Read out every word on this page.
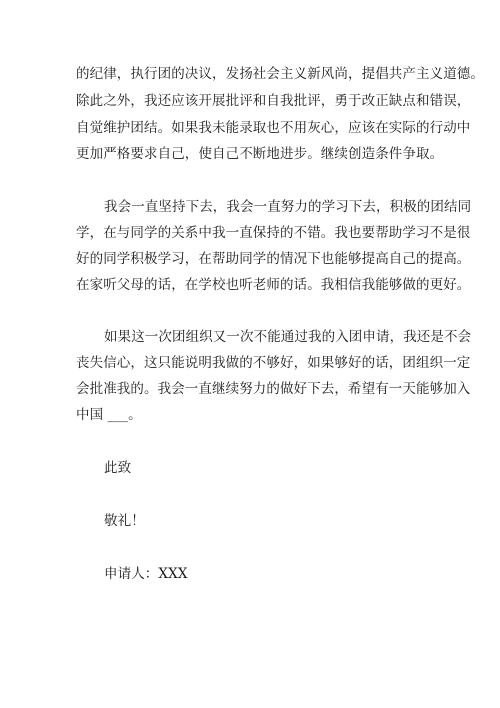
的纪律，执行团的决议，发扬社会主义新风尚，提倡共产主义道德。
除此之外，我还应该开展批评和自我批评，勇于改正缺点和错误，
自觉维护团结。如果我未能录取也不用灰心，应该在实际的行动中
更加严格要求自己，使自己不断地进步。继续创造条件争取。
我会一直坚持下去，我会一直努力的学习下去，积极的团结同
学，在与同学的关系中我一直保持的不错。我也要帮助学习不是很
好的同学积极学习，在帮助同学的情况下也能够提高自己的提高。
在家听父母的话，在学校也听老师的话。我相信我能够做的更好。
如果这一次团组织又一次不能通过我的入团申请，我还是不会
丧失信心，这只能说明我做的不够好，如果够好的话，团组织一定
会批准我的。我会一直继续努力的做好下去，希望有一天能够加入
中国 ___。
此致
敬礼！
申请人：XXX
